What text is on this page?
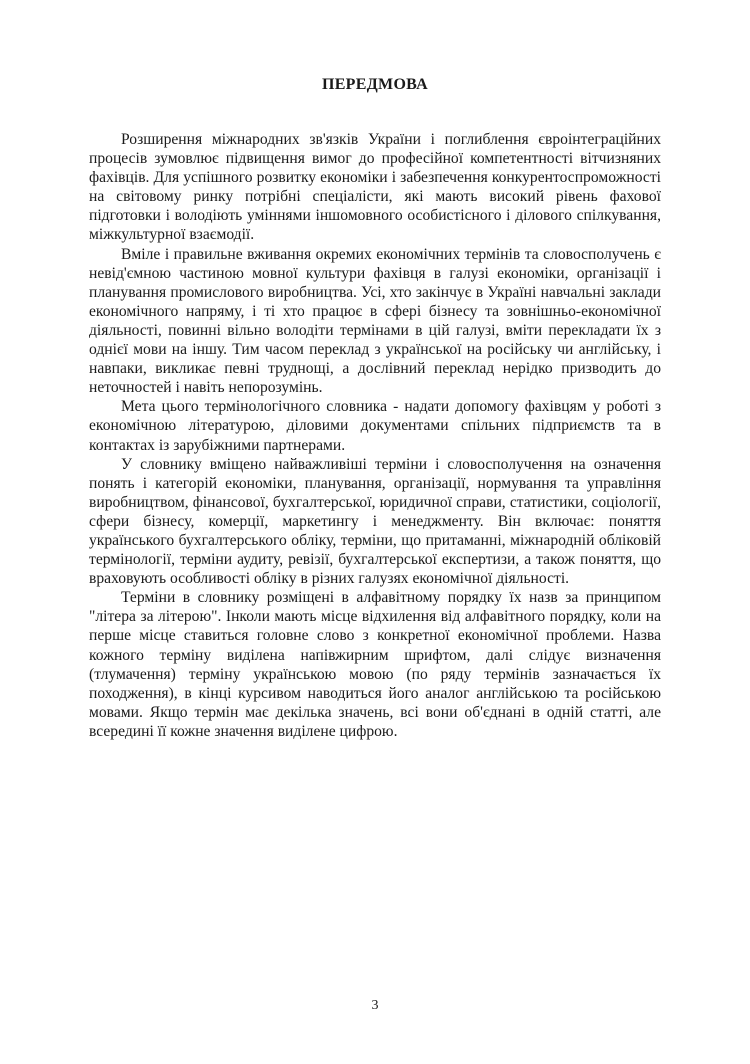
ПЕРЕДМОВА

Розширення міжнародних зв'язків України і поглиблення євроінтеграційних процесів зумовлює підвищення вимог до професійної компетентності вітчизняних фахівців. Для успішного розвитку економіки і забезпечення конкурентоспроможності на світовому ринку потрібні спеціалісти, які мають високий рівень фахової підготовки і володіють уміннями іншомовного особистісного і ділового спілкування, міжкультурної взаємодії.

Вміле і правильне вживання окремих економічних термінів та словосполучень є невід'ємною частиною мовної культури фахівця в галузі економіки, організації і планування промислового виробництва. Усі, хто закінчує в Україні навчальні заклади економічного напряму, і ті хто працює в сфері бізнесу та зовнішньо-економічної діяльності, повинні вільно володіти термінами в цій галузі, вміти перекладати їх з однієї мови на іншу. Тим часом переклад з української на російську чи англійську, і навпаки, викликає певні труднощі, а дослівний переклад нерідко призводить до неточностей і навіть непорозумінь.

Мета цього термінологічного словника - надати допомогу фахівцям у роботі з економічною літературою, діловими документами спільних підприємств та в контактах із зарубіжними партнерами.

У словнику вміщено найважливіші терміни і словосполучення на означення понять і категорій економіки, планування, організації, нормування та управління виробництвом, фінансової, бухгалтерської, юридичної справи, статистики, соціології, сфери бізнесу, комерції, маркетингу і менеджменту. Він включає: поняття українського бухгалтерського обліку, терміни, що притаманні, міжнародній обліковій термінології, терміни аудиту, ревізії, бухгалтерської експертизи, а також поняття, що враховують особливості обліку в різних галузях економічної діяльності.

Терміни в словнику розміщені в алфавітному порядку їх назв за принципом "літера за літерою". Інколи мають місце відхилення від алфавітного порядку, коли на перше місце ставиться головне слово з конкретної економічної проблеми. Назва кожного терміну виділена напівжирним шрифтом, далі слідує визначення (тлумачення) терміну українською мовою (по ряду термінів зазначається їх походження), в кінці курсивом наводиться його аналог англійською та російською мовами. Якщо термін має декілька значень, всі вони об'єднані в одній статті, але всередині її кожне значення виділене цифрою.

3
